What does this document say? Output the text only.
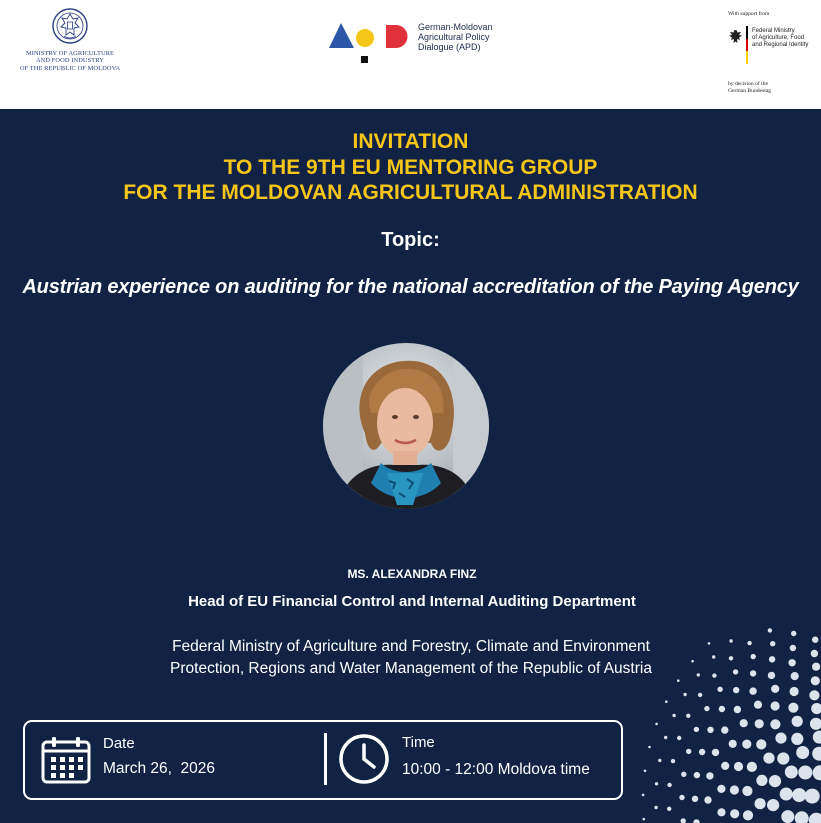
MINISTRY OF AGRICULTURE
AND FOOD INDUSTRY
OF THE REPUBLIC OF MOLDOVA
German-Moldovan
Agricultural Policy
Dialogue (APD)
With support from
Federal Ministry
of Agriculture, Food
and Regional Identity
by decision of the
German Bundestag
INVITATION
TO THE 9TH EU MENTORING GROUP
FOR THE MOLDOVAN AGRICULTURAL ADMINISTRATION
Topic:
Austrian experience on auditing for the national accreditation of the Paying Agency
MS. ALEXANDRA FINZ
Head of EU Financial Control and Internal Auditing Department
Federal Ministry of Agriculture and Forestry, Climate and Environment
Protection, Regions and Water Management of the Republic of Austria
Date
March 26,  2026
Time
10:00 - 12:00 Moldova time
